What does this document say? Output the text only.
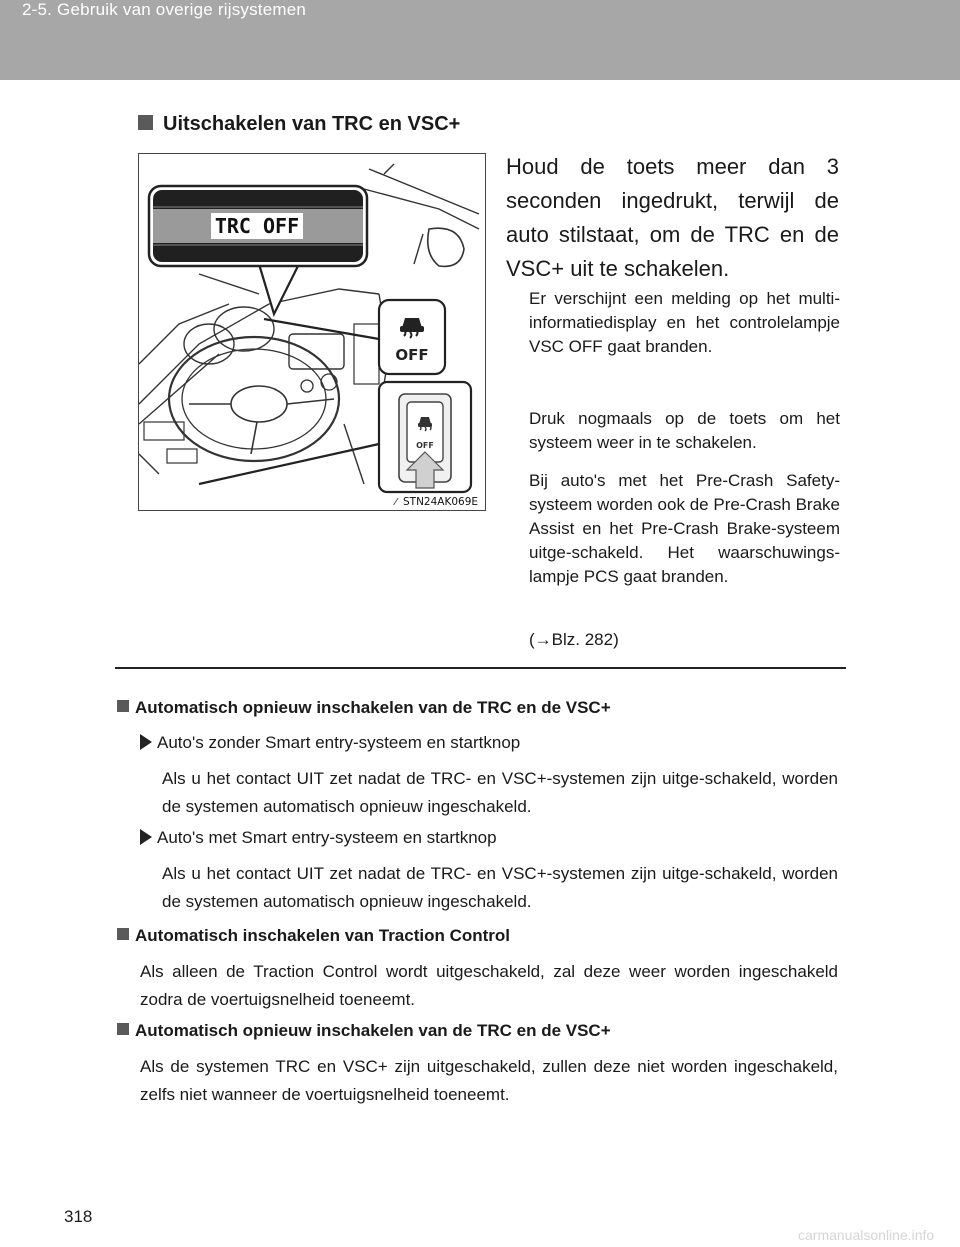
2-5. Gebruik van overige rijsystemen
Uitschakelen van TRC en VSC+
TRC OFF
OFF
OFF
⁄ STN24AK069E
Houd de toets meer dan 3 seconden ingedrukt, terwijl de auto stilstaat, om de TRC en de VSC+ uit te schakelen.
Er verschijnt een melding op het multi-informatiedisplay en het controlelampje VSC OFF gaat branden.
Druk nogmaals op de toets om het systeem weer in te schakelen.
Bij auto's met het Pre-Crash Safety-systeem worden ook de Pre-Crash Brake Assist en het Pre-Crash Brake-systeem uitge-schakeld. Het waarschuwings-lampje PCS gaat branden.
(→Blz. 282)
Automatisch opnieuw inschakelen van de TRC en de VSC+
Auto's zonder Smart entry-systeem en startknop
Als u het contact UIT zet nadat de TRC- en VSC+-systemen zijn uitge-schakeld, worden de systemen automatisch opnieuw ingeschakeld.
Auto's met Smart entry-systeem en startknop
Als u het contact UIT zet nadat de TRC- en VSC+-systemen zijn uitge-schakeld, worden de systemen automatisch opnieuw ingeschakeld.
Automatisch inschakelen van Traction Control
Als alleen de Traction Control wordt uitgeschakeld, zal deze weer worden ingeschakeld zodra de voertuigsnelheid toeneemt.
Automatisch opnieuw inschakelen van de TRC en de VSC+
Als de systemen TRC en VSC+ zijn uitgeschakeld, zullen deze niet worden ingeschakeld, zelfs niet wanneer de voertuigsnelheid toeneemt.
318
carmanualsonline.info
